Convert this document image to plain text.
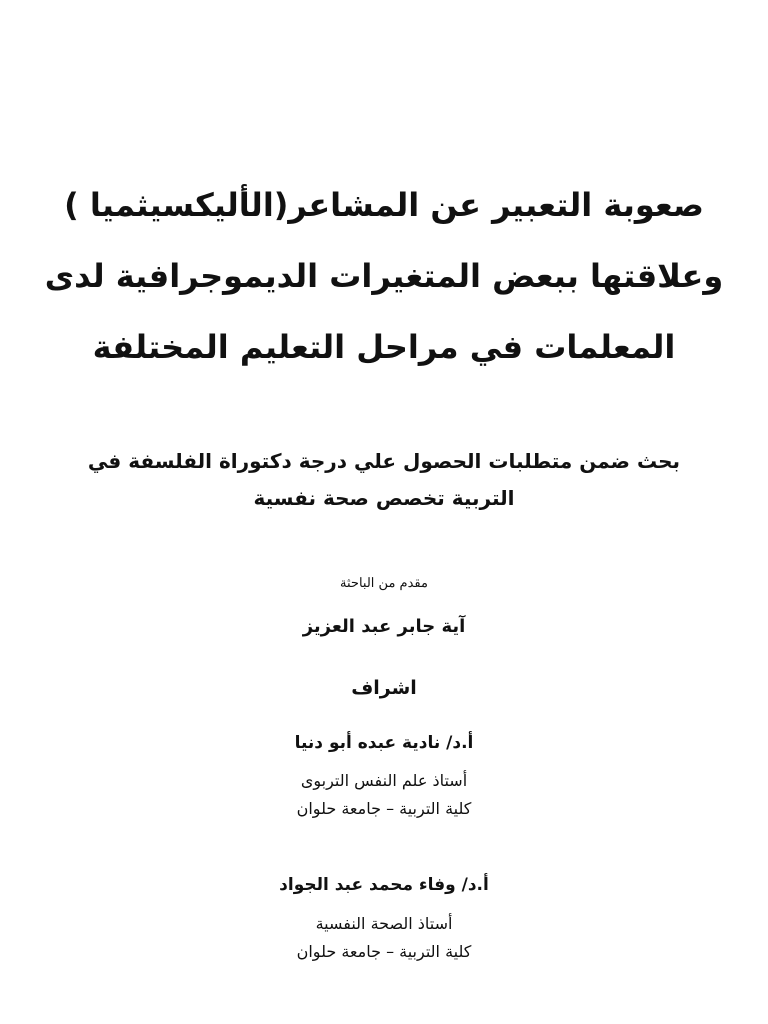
صعوبة التعبير عن المشاعر(الأليكسيثميا )
وعلاقتها ببعض المتغيرات الديموجرافية لدى
المعلمات في مراحل التعليم المختلفة
بحث ضمن متطلبات الحصول علي درجة دكتوراة الفلسفة في
التربية تخصص صحة نفسية
مقدم من الباحثة
آية جابر عبد العزيز
اشراف
أ.د/ نادية عبده أبو دنيا
أستاذ علم النفس التربوى
كلية التربية – جامعة حلوان
أ.د/ وفاء محمد عبد الجواد
أستاذ الصحة النفسية
كلية التربية – جامعة حلوان
